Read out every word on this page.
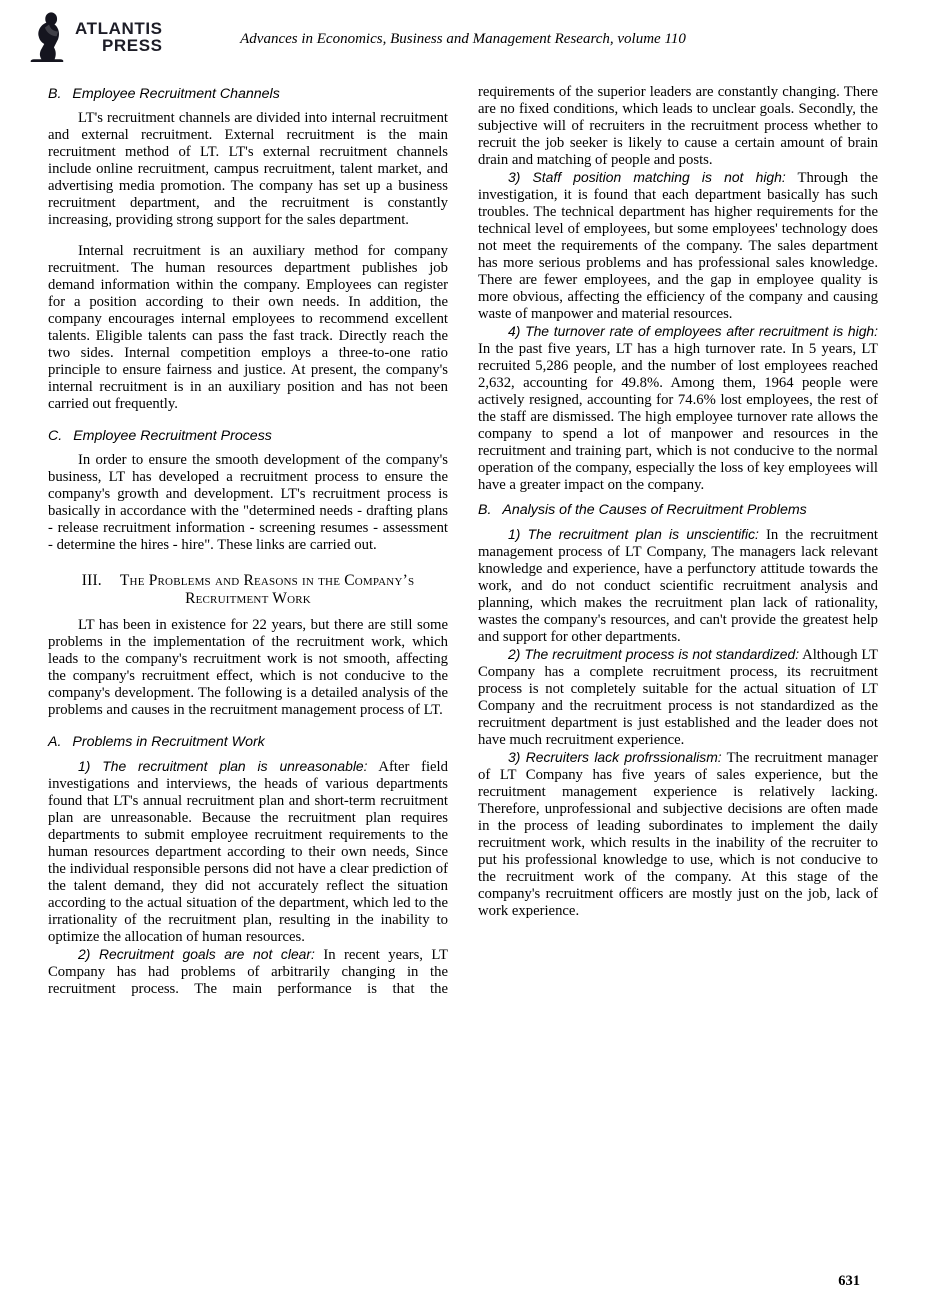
ATLANTIS
PRESS	Advances in Economics, Business and Management Research, volume 110
B. Employee Recruitment Channels

LT's recruitment channels are divided into internal recruitment and external recruitment. External recruitment is the main recruitment method of LT. LT's external recruitment channels include online recruitment, campus recruitment, talent market, and advertising media promotion. The company has set up a business recruitment department, and the recruitment is constantly increasing, providing strong support for the sales department.

Internal recruitment is an auxiliary method for company recruitment. The human resources department publishes job demand information within the company. Employees can register for a position according to their own needs. In addition, the company encourages internal employees to recommend excellent talents. Eligible talents can pass the fast track. Directly reach the two sides. Internal competition employs a three-to-one ratio principle to ensure fairness and justice. At present, the company's internal recruitment is in an auxiliary position and has not been carried out frequently.

C. Employee Recruitment Process

In order to ensure the smooth development of the company's business, LT has developed a recruitment process to ensure the company's growth and development. LT's recruitment process is basically in accordance with the "determined needs - drafting plans - release recruitment information - screening resumes - assessment - determine the hires - hire". These links are carried out.

III. The Problems and Reasons in the Company’s Recruitment Work

LT has been in existence for 22 years, but there are still some problems in the implementation of the recruitment work, which leads to the company's recruitment work is not smooth, affecting the company's recruitment effect, which is not conducive to the company's development. The following is a detailed analysis of the problems and causes in the recruitment management process of LT.

A. Problems in Recruitment Work

1) The recruitment plan is unreasonable: After field investigations and interviews, the heads of various departments found that LT's annual recruitment plan and short-term recruitment plan are unreasonable. Because the recruitment plan requires departments to submit employee recruitment requirements to the human resources department according to their own needs, Since the individual responsible persons did not have a clear prediction of the talent demand, they did not accurately reflect the situation according to the actual situation of the department, which led to the irrationality of the recruitment plan, resulting in the inability to optimize the allocation of human resources.

2) Recruitment goals are not clear: In recent years, LT Company has had problems of arbitrarily changing in the recruitment process. The main performance is that the

requirements of the superior leaders are constantly changing. There are no fixed conditions, which leads to unclear goals. Secondly, the subjective will of recruiters in the recruitment process whether to recruit the job seeker is likely to cause a certain amount of brain drain and matching of people and posts.

3) Staff position matching is not high: Through the investigation, it is found that each department basically has such troubles. The technical department has higher requirements for the technical level of employees, but some employees' technology does not meet the requirements of the company. The sales department has more serious problems and has professional sales knowledge. There are fewer employees, and the gap in employee quality is more obvious, affecting the efficiency of the company and causing waste of manpower and material resources.

4) The turnover rate of employees after recruitment is high: In the past five years, LT has a high turnover rate. In 5 years, LT recruited 5,286 people, and the number of lost employees reached 2,632, accounting for 49.8%. Among them, 1964 people were actively resigned, accounting for 74.6% lost employees, the rest of the staff are dismissed. The high employee turnover rate allows the company to spend a lot of manpower and resources in the recruitment and training part, which is not conducive to the normal operation of the company, especially the loss of key employees will have a greater impact on the company.

B. Analysis of the Causes of Recruitment Problems

1) The recruitment plan is unscientific: In the recruitment management process of LT Company, The managers lack relevant knowledge and experience, have a perfunctory attitude towards the work, and do not conduct scientific recruitment analysis and planning, which makes the recruitment plan lack of rationality, wastes the company's resources, and can't provide the greatest help and support for other departments.

2) The recruitment process is not standardized: Although LT Company has a complete recruitment process, its recruitment process is not completely suitable for the actual situation of LT Company and the recruitment process is not standardized as the recruitment department is just established and the leader does not have much recruitment experience.

3) Recruiters lack profrssionalism: The recruitment manager of LT Company has five years of sales experience, but the recruitment management experience is relatively lacking. Therefore, unprofessional and subjective decisions are often made in the process of leading subordinates to implement the daily recruitment work, which results in the inability of the recruiter to put his professional knowledge to use, which is not conducive to the recruitment work of the company. At this stage of the company's recruitment officers are mostly just on the job, lack of work experience.

631
